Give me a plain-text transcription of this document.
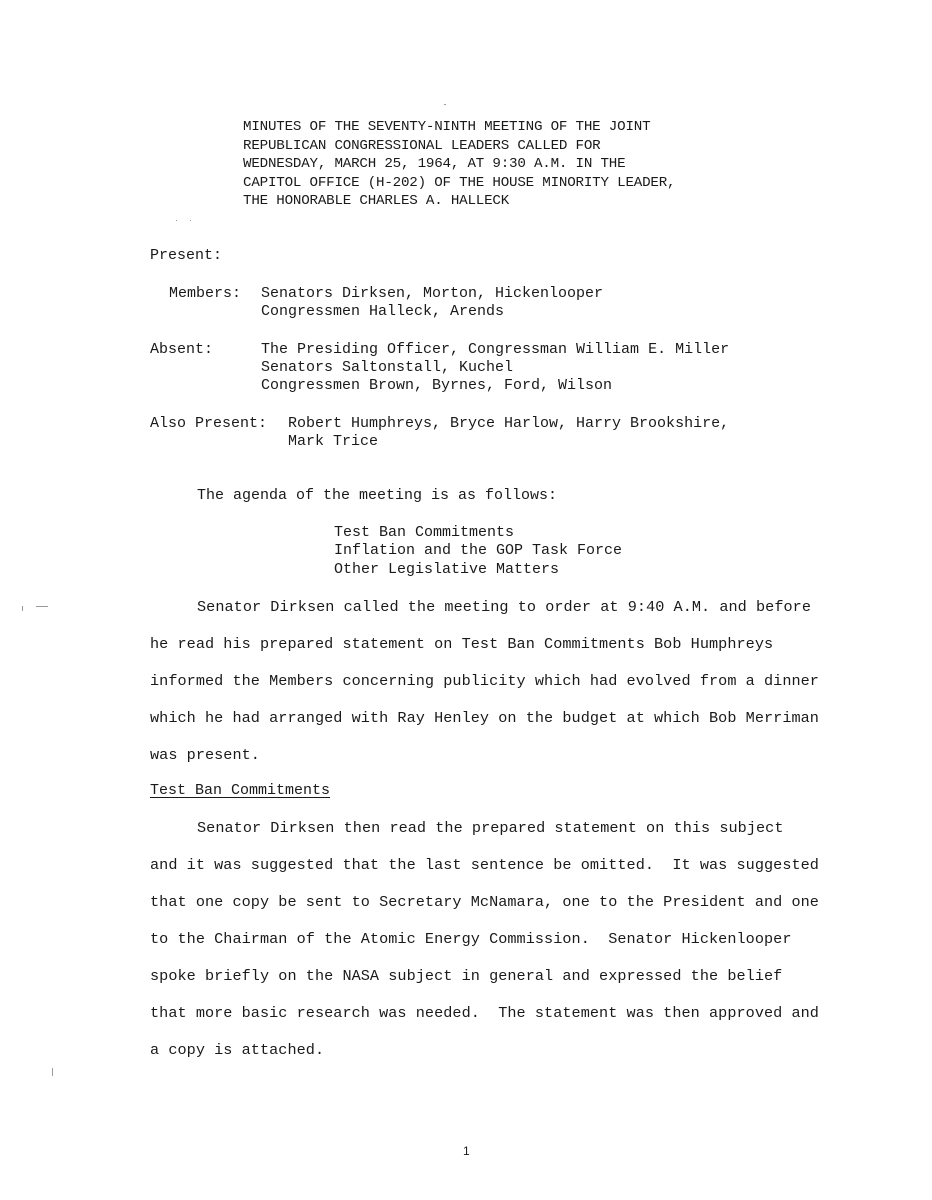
MINUTES OF THE SEVENTY-NINTH MEETING OF THE JOINT
REPUBLICAN CONGRESSIONAL LEADERS CALLED FOR
WEDNESDAY, MARCH 25, 1964, AT 9:30 A.M. IN THE
CAPITOL OFFICE (H-202) OF THE HOUSE MINORITY LEADER,
THE HONORABLE CHARLES A. HALLECK
Present:
Members: Senators Dirksen, Morton, Hickenlooper
Congressmen Halleck, Arends
Absent:	The Presiding Officer, Congressman William E. Miller
Senators Saltonstall, Kuchel
Congressmen Brown, Byrnes, Ford, Wilson
Also Present: Robert Humphreys, Bryce Harlow, Harry Brookshire,
Mark Trice
The agenda of the meeting is as follows:
Test Ban Commitments
Inflation and the GOP Task Force
Other Legislative Matters
Senator Dirksen called the meeting to order at 9:40 A.M. and before
he read his prepared statement on Test Ban Commitments Bob Humphreys
informed the Members concerning publicity which had evolved from a dinner
which he had arranged with Ray Henley on the budget at which Bob Merriman
was present.
Test Ban Commitments
Senator Dirksen then read the prepared statement on this subject
and it was suggested that the last sentence be omitted.  It was suggested
that one copy be sent to Secretary McNamara, one to the President and one
to the Chairman of the Atomic Energy Commission.  Senator Hickenlooper
spoke briefly on the NASA subject in general and expressed the belief
that more basic research was needed.  The statement was then approved and
a copy is attached.
1
